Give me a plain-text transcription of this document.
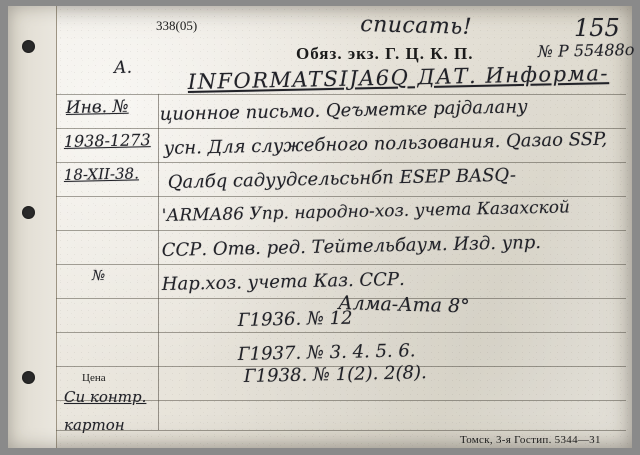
338(05)	списать!	155
А.
Обяз. экз. Г. Ц. К. П.	№ Р 55488о
Инв. №
1938-1273
18-XII-38.
№
Цена
Си контр.
картон
INFORMATSIJA6Q ДАТ. Информа-
ционное письмо. Qеъметке рајдалану
усн. Для служебного пользования. Qазао SSP,
Qалбq садуудсельсьнбn ESEP BASQ-
'АRMА86 Упр. народно-хоз. учета Казахской
ССР. Отв. ред. Тейтельбаум. Изд. упр.
Нар.хоз. учета Каз. ССР.
Алма-Ата 8°
Г1936. № 12
Г1937. № 3. 4. 5. 6.
Г1938. № 1(2). 2(8).
Томск, 3-я Гостип. 5344—31
